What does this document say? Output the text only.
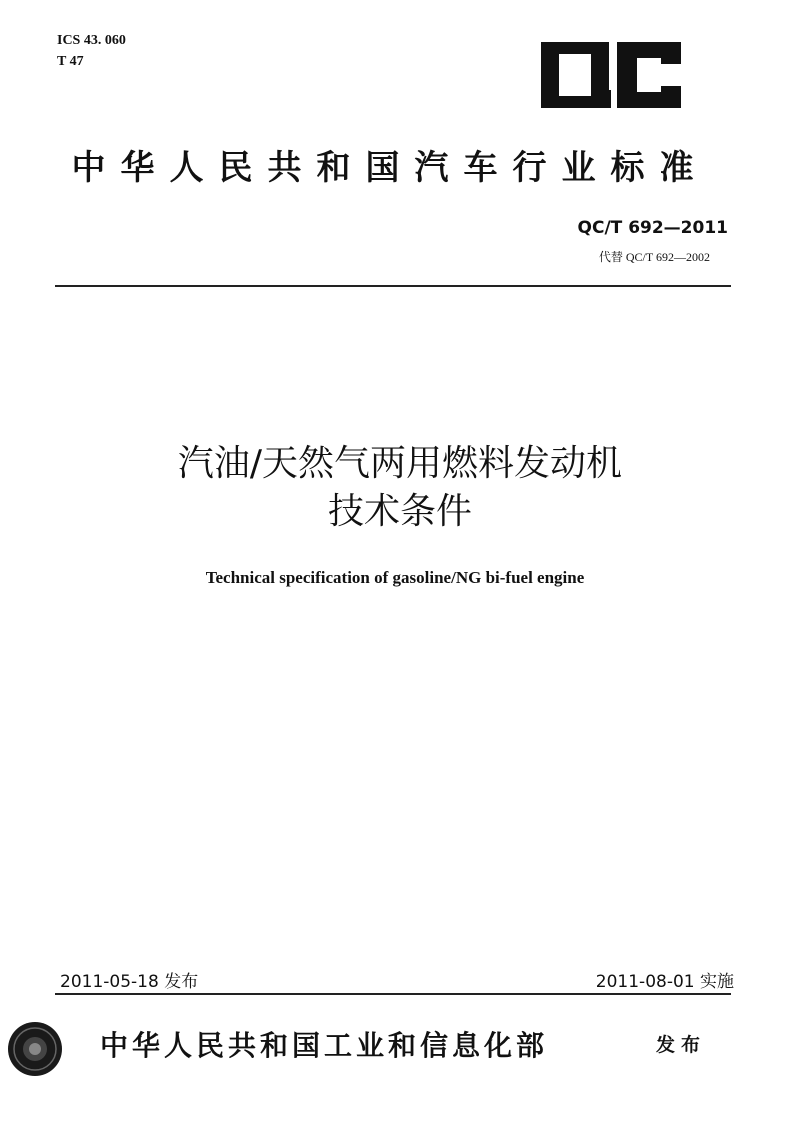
ICS 43. 060
T 47
中华人民共和国汽车行业标准
QC/T 692—2011
代替 QC/T 692—2002
汽油/天然气两用燃料发动机
技术条件
Technical specification of gasoline/NG bi-fuel engine
2011-05-18 发布	2011-08-01 实施
中华人民共和国工业和信息化部	发布
